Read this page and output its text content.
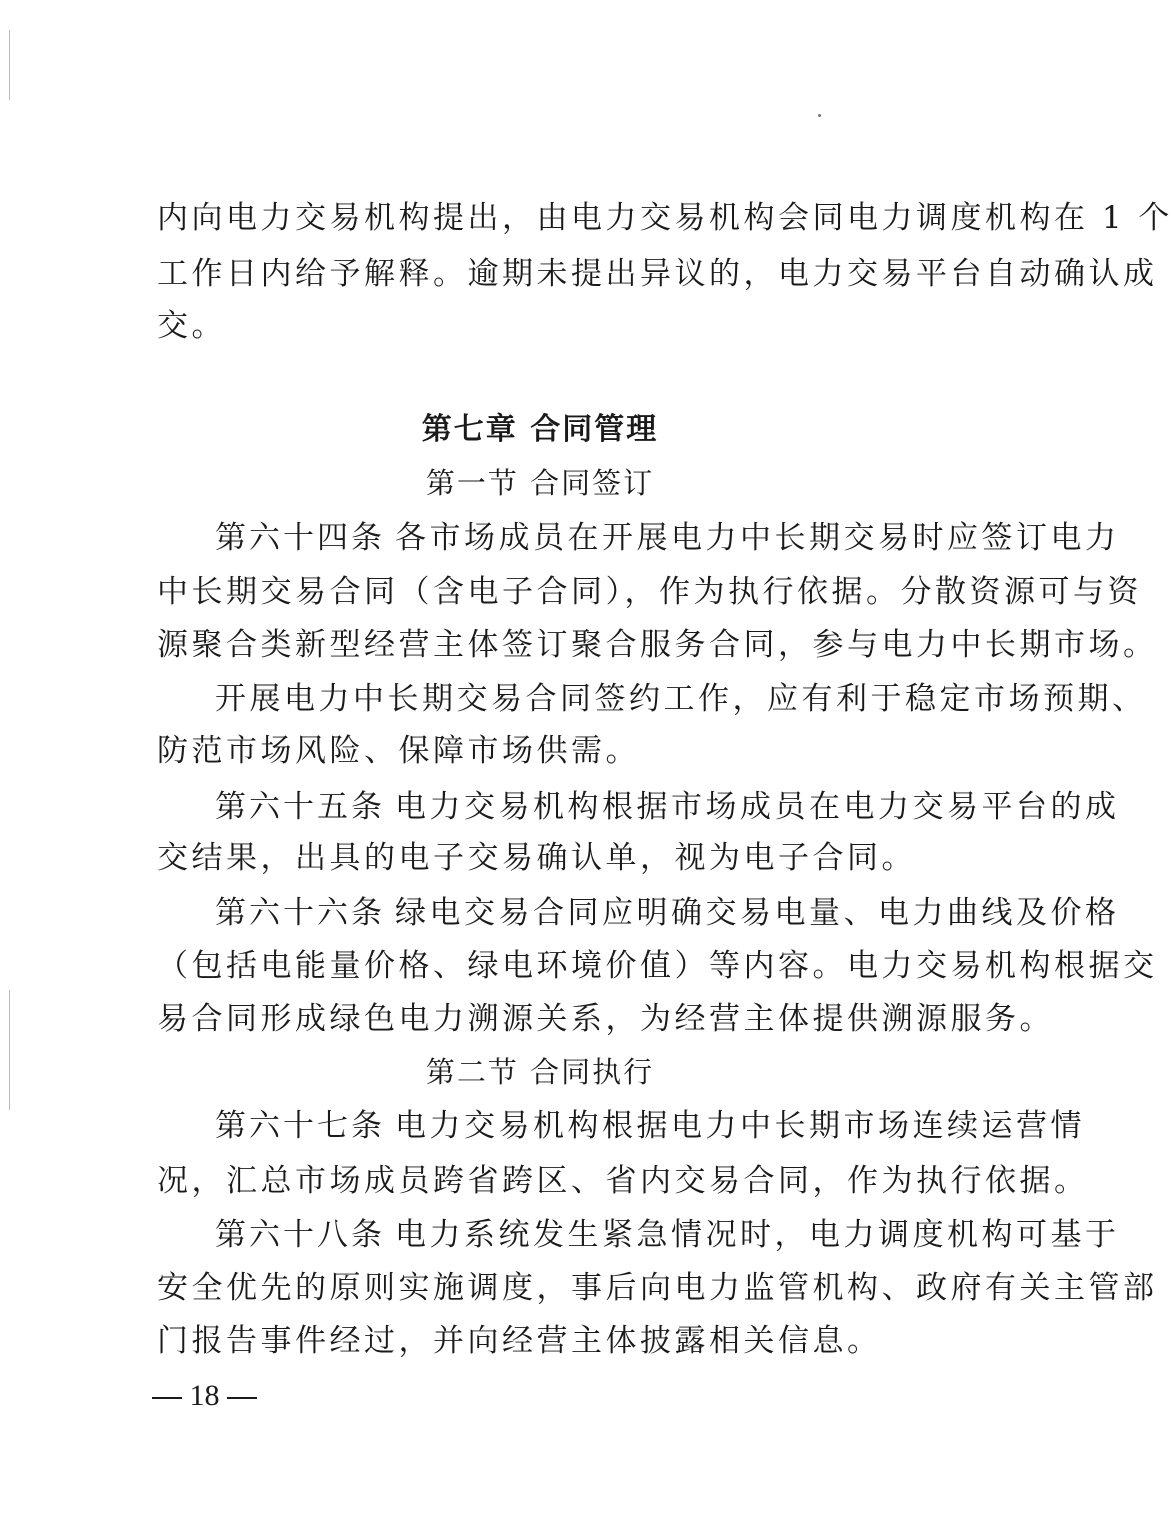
内向电力交易机构提出，由电力交易机构会同电力调度机构在 1 个
工作日内给予解释。逾期未提出异议的，电力交易平台自动确认成
交。
第七章 合同管理
第一节 合同签订
第六十四条 各市场成员在开展电力中长期交易时应签订电力
中长期交易合同（含电子合同），作为执行依据。分散资源可与资
源聚合类新型经营主体签订聚合服务合同，参与电力中长期市场。
开展电力中长期交易合同签约工作，应有利于稳定市场预期、
防范市场风险、保障市场供需。
第六十五条 电力交易机构根据市场成员在电力交易平台的成
交结果，出具的电子交易确认单，视为电子合同。
第六十六条 绿电交易合同应明确交易电量、电力曲线及价格
（包括电能量价格、绿电环境价值）等内容。电力交易机构根据交
易合同形成绿色电力溯源关系，为经营主体提供溯源服务。
第二节 合同执行
第六十七条 电力交易机构根据电力中长期市场连续运营情
况，汇总市场成员跨省跨区、省内交易合同，作为执行依据。
第六十八条 电力系统发生紧急情况时，电力调度机构可基于
安全优先的原则实施调度，事后向电力监管机构、政府有关主管部
门报告事件经过，并向经营主体披露相关信息。
18
